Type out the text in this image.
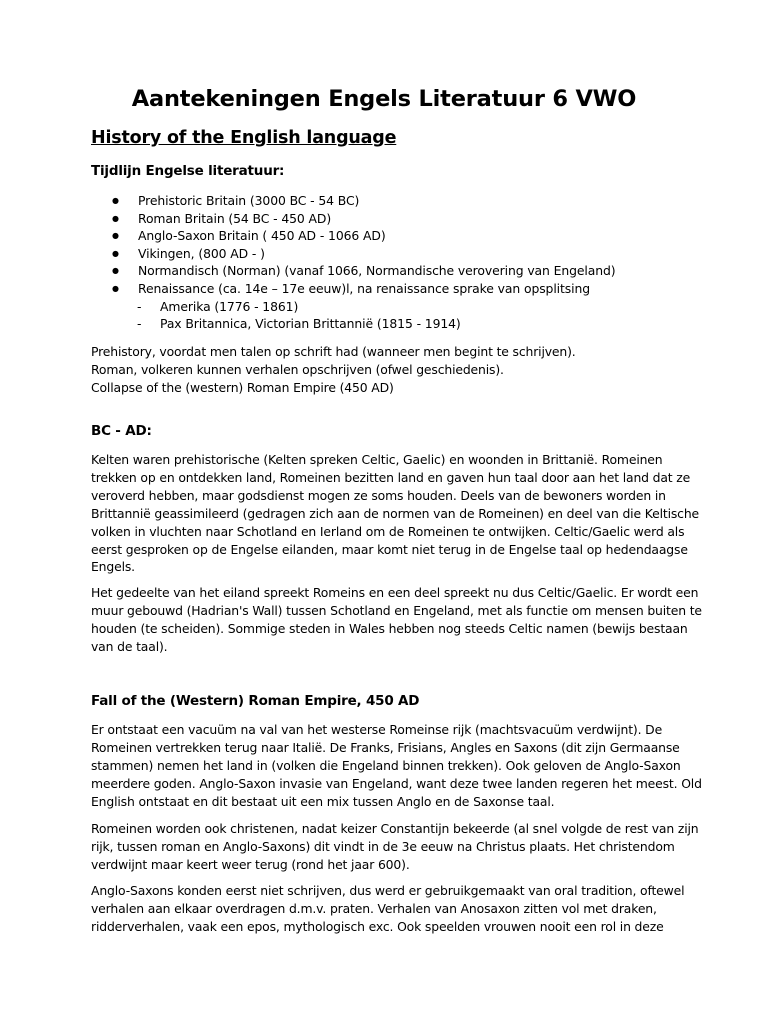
Aantekeningen Engels Literatuur 6 VWO
History of the English language
Tijdlijn Engelse literatuur:
● Prehistoric Britain (3000 BC - 54 BC)
● Roman Britain (54 BC - 450 AD)
● Anglo-Saxon Britain ( 450 AD - 1066 AD)
● Vikingen, (800 AD - )
● Normandisch (Norman) (vanaf 1066, Normandische verovering van Engeland)
● Renaissance (ca. 14e – 17e eeuw)l, na renaissance sprake van opsplitsing
- Amerika (1776 - 1861)
- Pax Britannica, Victorian Brittannië (1815 - 1914)

Prehistory, voordat men talen op schrift had (wanneer men begint te schrijven).
Roman, volkeren kunnen verhalen opschrijven (ofwel geschiedenis).
Collapse of the (western) Roman Empire (450 AD)

BC - AD:

Kelten waren prehistorische (Kelten spreken Celtic, Gaelic) en woonden in Brittanië. Romeinen
trekken op en ontdekken land, Romeinen bezitten land en gaven hun taal door aan het land dat ze
veroverd hebben, maar godsdienst mogen ze soms houden. Deels van de bewoners worden in
Brittannië geassimileerd (gedragen zich aan de normen van de Romeinen) en deel van die Keltische
volken in vluchten naar Schotland en Ierland om de Romeinen te ontwijken. Celtic/Gaelic werd als
eerst gesproken op de Engelse eilanden, maar komt niet terug in de Engelse taal op hedendaagse
Engels.

Het gedeelte van het eiland spreekt Romeins en een deel spreekt nu dus Celtic/Gaelic. Er wordt een
muur gebouwd (Hadrian's Wall) tussen Schotland en Engeland, met als functie om mensen buiten te
houden (te scheiden). Sommige steden in Wales hebben nog steeds Celtic namen (bewijs bestaan
van de taal).

Fall of the (Western) Roman Empire, 450 AD

Er ontstaat een vacuüm na val van het westerse Romeinse rijk (machtsvacuüm verdwijnt). De
Romeinen vertrekken terug naar Italië. De Franks, Frisians, Angles en Saxons (dit zijn Germaanse
stammen) nemen het land in (volken die Engeland binnen trekken). Ook geloven de Anglo-Saxon
meerdere goden. Anglo-Saxon invasie van Engeland, want deze twee landen regeren het meest. Old
English ontstaat en dit bestaat uit een mix tussen Anglo en de Saxonse taal.

Romeinen worden ook christenen, nadat keizer Constantijn bekeerde (al snel volgde de rest van zijn
rijk, tussen roman en Anglo-Saxons) dit vindt in de 3e eeuw na Christus plaats. Het christendom
verdwijnt maar keert weer terug (rond het jaar 600).

Anglo-Saxons konden eerst niet schrijven, dus werd er gebruikgemaakt van oral tradition, oftewel
verhalen aan elkaar overdragen d.m.v. praten. Verhalen van Anosaxon zitten vol met draken,
ridderverhalen, vaak een epos, mythologisch exc. Ook speelden vrouwen nooit een rol in deze
